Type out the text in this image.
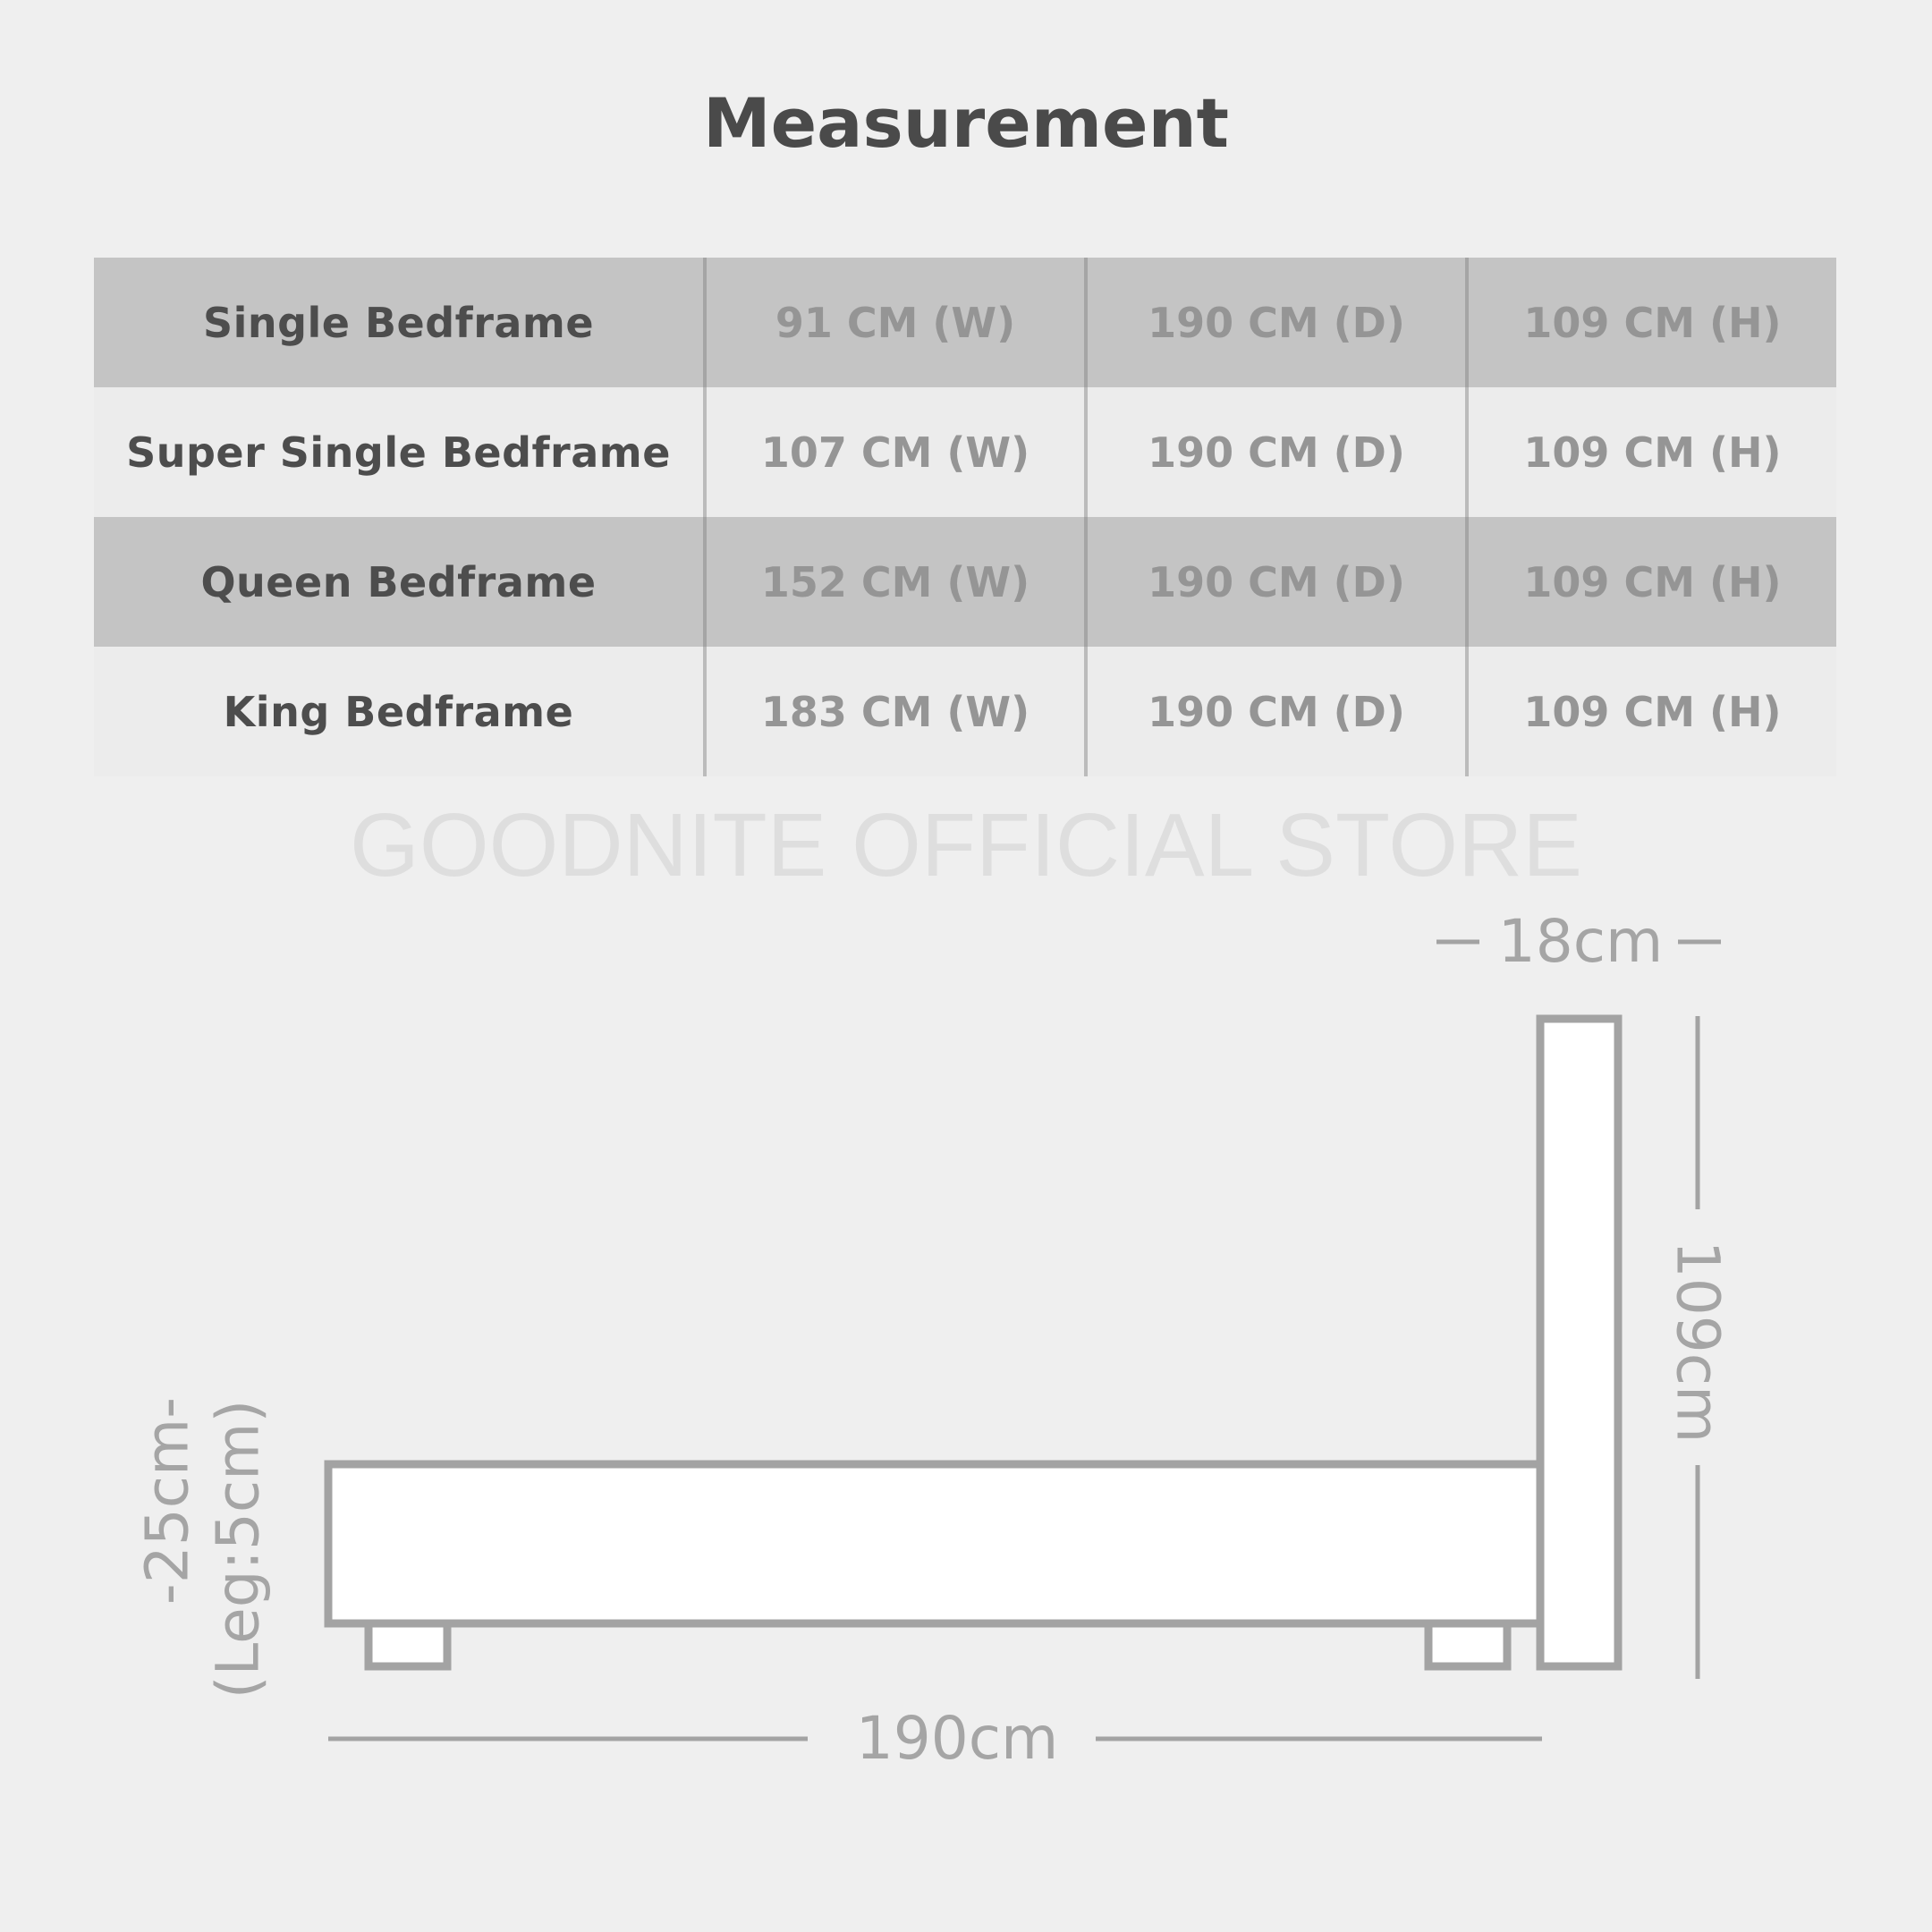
Measurement
Single Bedframe	91 CM (W)	190 CM (D)	109 CM (H)
Super Single Bedframe	107 CM (W)	190 CM (D)	109 CM (H)
Queen Bedframe	152 CM (W)	190 CM (D)	109 CM (H)
King Bedframe	183 CM (W)	190 CM (D)	109 CM (H)
GOODNITE OFFICIAL STORE
18cm
109cm
190cm
-25cm- (Leg:5cm)
